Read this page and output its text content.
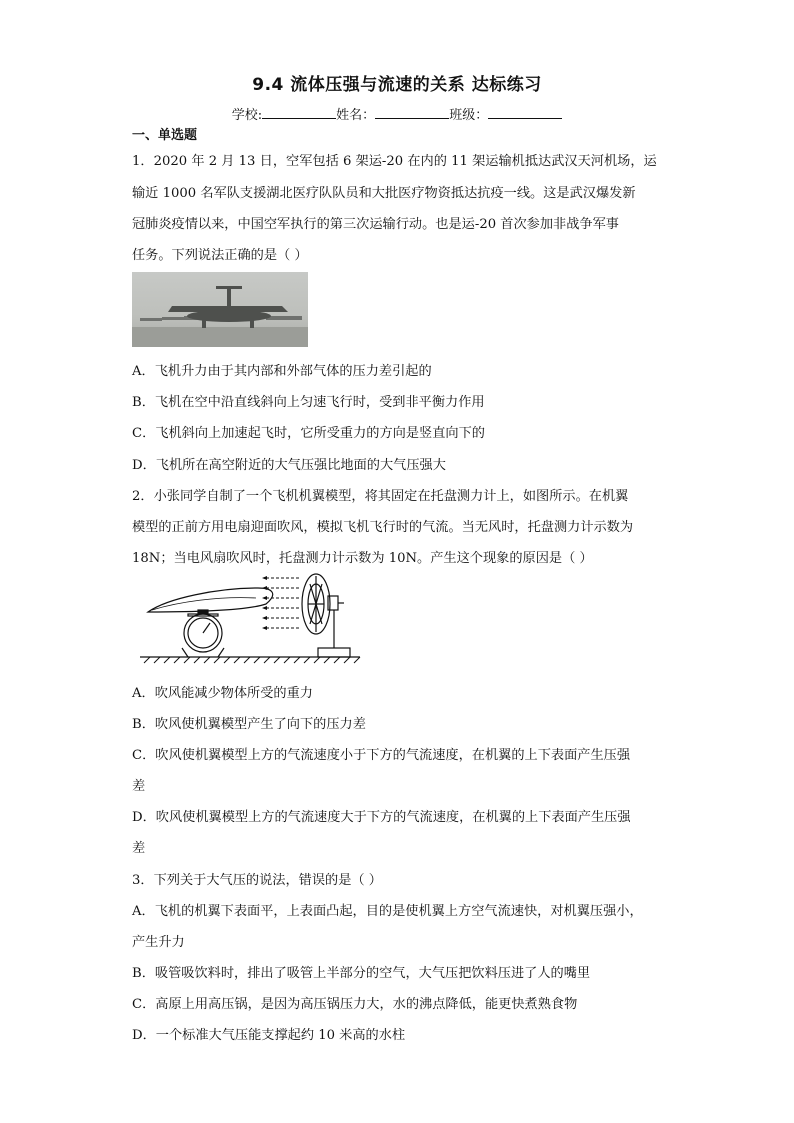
9.4 流体压强与流速的关系 达标练习
学校:	姓名：	班级：
一、单选题
1．2020 年 2 月 13 日，空军包括 6 架运-20 在内的 11 架运输机抵达武汉天河机场，运
输近 1000 名军队支援湖北医疗队队员和大批医疗物资抵达抗疫一线。这是武汉爆发新
冠肺炎疫情以来，中国空军执行的第三次运输行动。也是运-20 首次参加非战争军事
任务。下列说法正确的是（ ）
A．飞机升力由于其内部和外部气体的压力差引起的
B．飞机在空中沿直线斜向上匀速飞行时，受到非平衡力作用
C．飞机斜向上加速起飞时，它所受重力的方向是竖直向下的
D．飞机所在高空附近的大气压强比地面的大气压强大
2．小张同学自制了一个飞机机翼模型，将其固定在托盘测力计上，如图所示。在机翼
模型的正前方用电扇迎面吹风，模拟飞机飞行时的气流。当无风时，托盘测力计示数为
18N；当电风扇吹风时，托盘测力计示数为 10N。产生这个现象的原因是（ ）
A．吹风能减少物体所受的重力
B．吹风使机翼模型产生了向下的压力差
C．吹风使机翼模型上方的气流速度小于下方的气流速度，在机翼的上下表面产生压强
差
D．吹风使机翼模型上方的气流速度大于下方的气流速度，在机翼的上下表面产生压强
差
3．下列关于大气压的说法，错误的是（ ）
A．飞机的机翼下表面平，上表面凸起，目的是使机翼上方空气流速快，对机翼压强小，
产生升力
B．吸管吸饮料时，排出了吸管上半部分的空气，大气压把饮料压进了人的嘴里
C．高原上用高压锅，是因为高压锅压力大，水的沸点降低，能更快煮熟食物
D．一个标准大气压能支撑起约 10 米高的水柱
